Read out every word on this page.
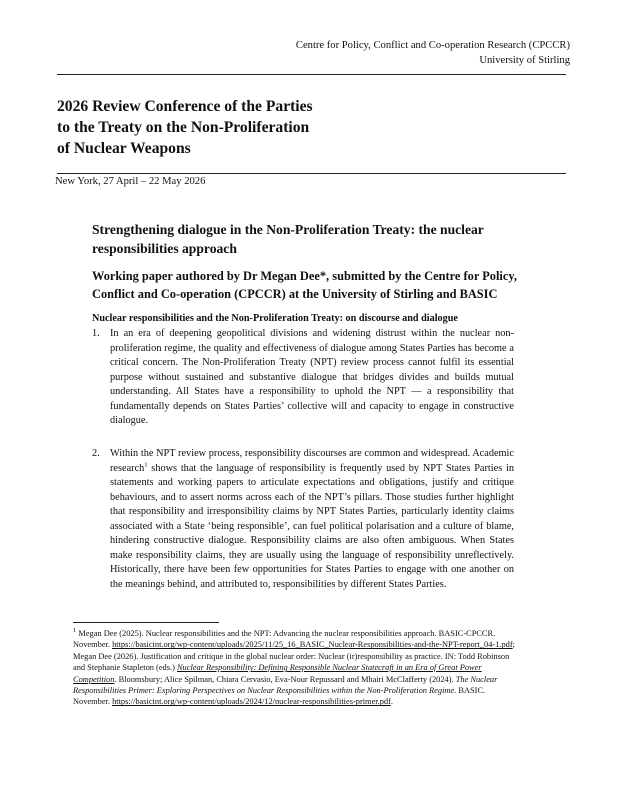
Centre for Policy, Conflict and Co-operation Research (CPCCR)
University of Stirling
2026 Review Conference of the Parties
to the Treaty on the Non-Proliferation
of Nuclear Weapons
New York, 27 April – 22 May 2026
Strengthening dialogue in the Non-Proliferation Treaty: the nuclear responsibilities approach
Working paper authored by Dr Megan Dee*, submitted by the Centre for Policy, Conflict and Co-operation (CPCCR) at the University of Stirling and BASIC
Nuclear responsibilities and the Non-Proliferation Treaty: on discourse and dialogue
1. In an era of deepening geopolitical divisions and widening distrust within the nuclear non-proliferation regime, the quality and effectiveness of dialogue among States Parties has become a critical concern. The Non-Proliferation Treaty (NPT) review process cannot fulfil its essential purpose without sustained and substantive dialogue that bridges divides and builds mutual understanding. All States have a responsibility to uphold the NPT — a responsibility that fundamentally depends on States Parties’ collective will and capacity to engage in constructive dialogue.
2. Within the NPT review process, responsibility discourses are common and widespread. Academic research$^1$ shows that the language of responsibility is frequently used by NPT States Parties in statements and working papers to articulate expectations and obligations, justify and critique behaviours, and to assert norms across each of the NPT’s pillars. Those studies further highlight that responsibility and irresponsibility claims by NPT States Parties, particularly identity claims associated with a State ‘being responsible’, can fuel political polarisation and a culture of blame, hindering constructive dialogue. Responsibility claims are also often ambiguous. When States make responsibility claims, they are usually using the language of responsibility unreflectively. Historically, there have been few opportunities for States Parties to engage with one another on the meanings behind, and attributed to, responsibilities by different States Parties.
$^1$ Megan Dee (2025). Nuclear responsibilities and the NPT: Advancing the nuclear responsibilities approach. BASIC-CPCCR. November. https://basicint.org/wp-content/uploads/2025/11/25_16_BASIC_Nuclear-Responsibilities-and-the-NPT-report_04-1.pdf; Megan Dee (2026). Justification and critique in the global nuclear order: Nuclear (ir)responsibility as practice. IN: Todd Robinson and Stephanie Stapleton (eds.) Nuclear Responsibility: Defining Responsible Nuclear Statecraft in an Era of Great Power Competition. Bloomsbury; Alice Spilman, Chiara Cervasio, Eva-Nour Repussard and Mhairi McClafferty (2024). The Nuclear Responsibilities Primer: Exploring Perspectives on Nuclear Responsibilities within the Non-Proliferation Regime. BASIC. November. https://basicint.org/wp-content/uploads/2024/12/nuclear-responsibilities-primer.pdf.
